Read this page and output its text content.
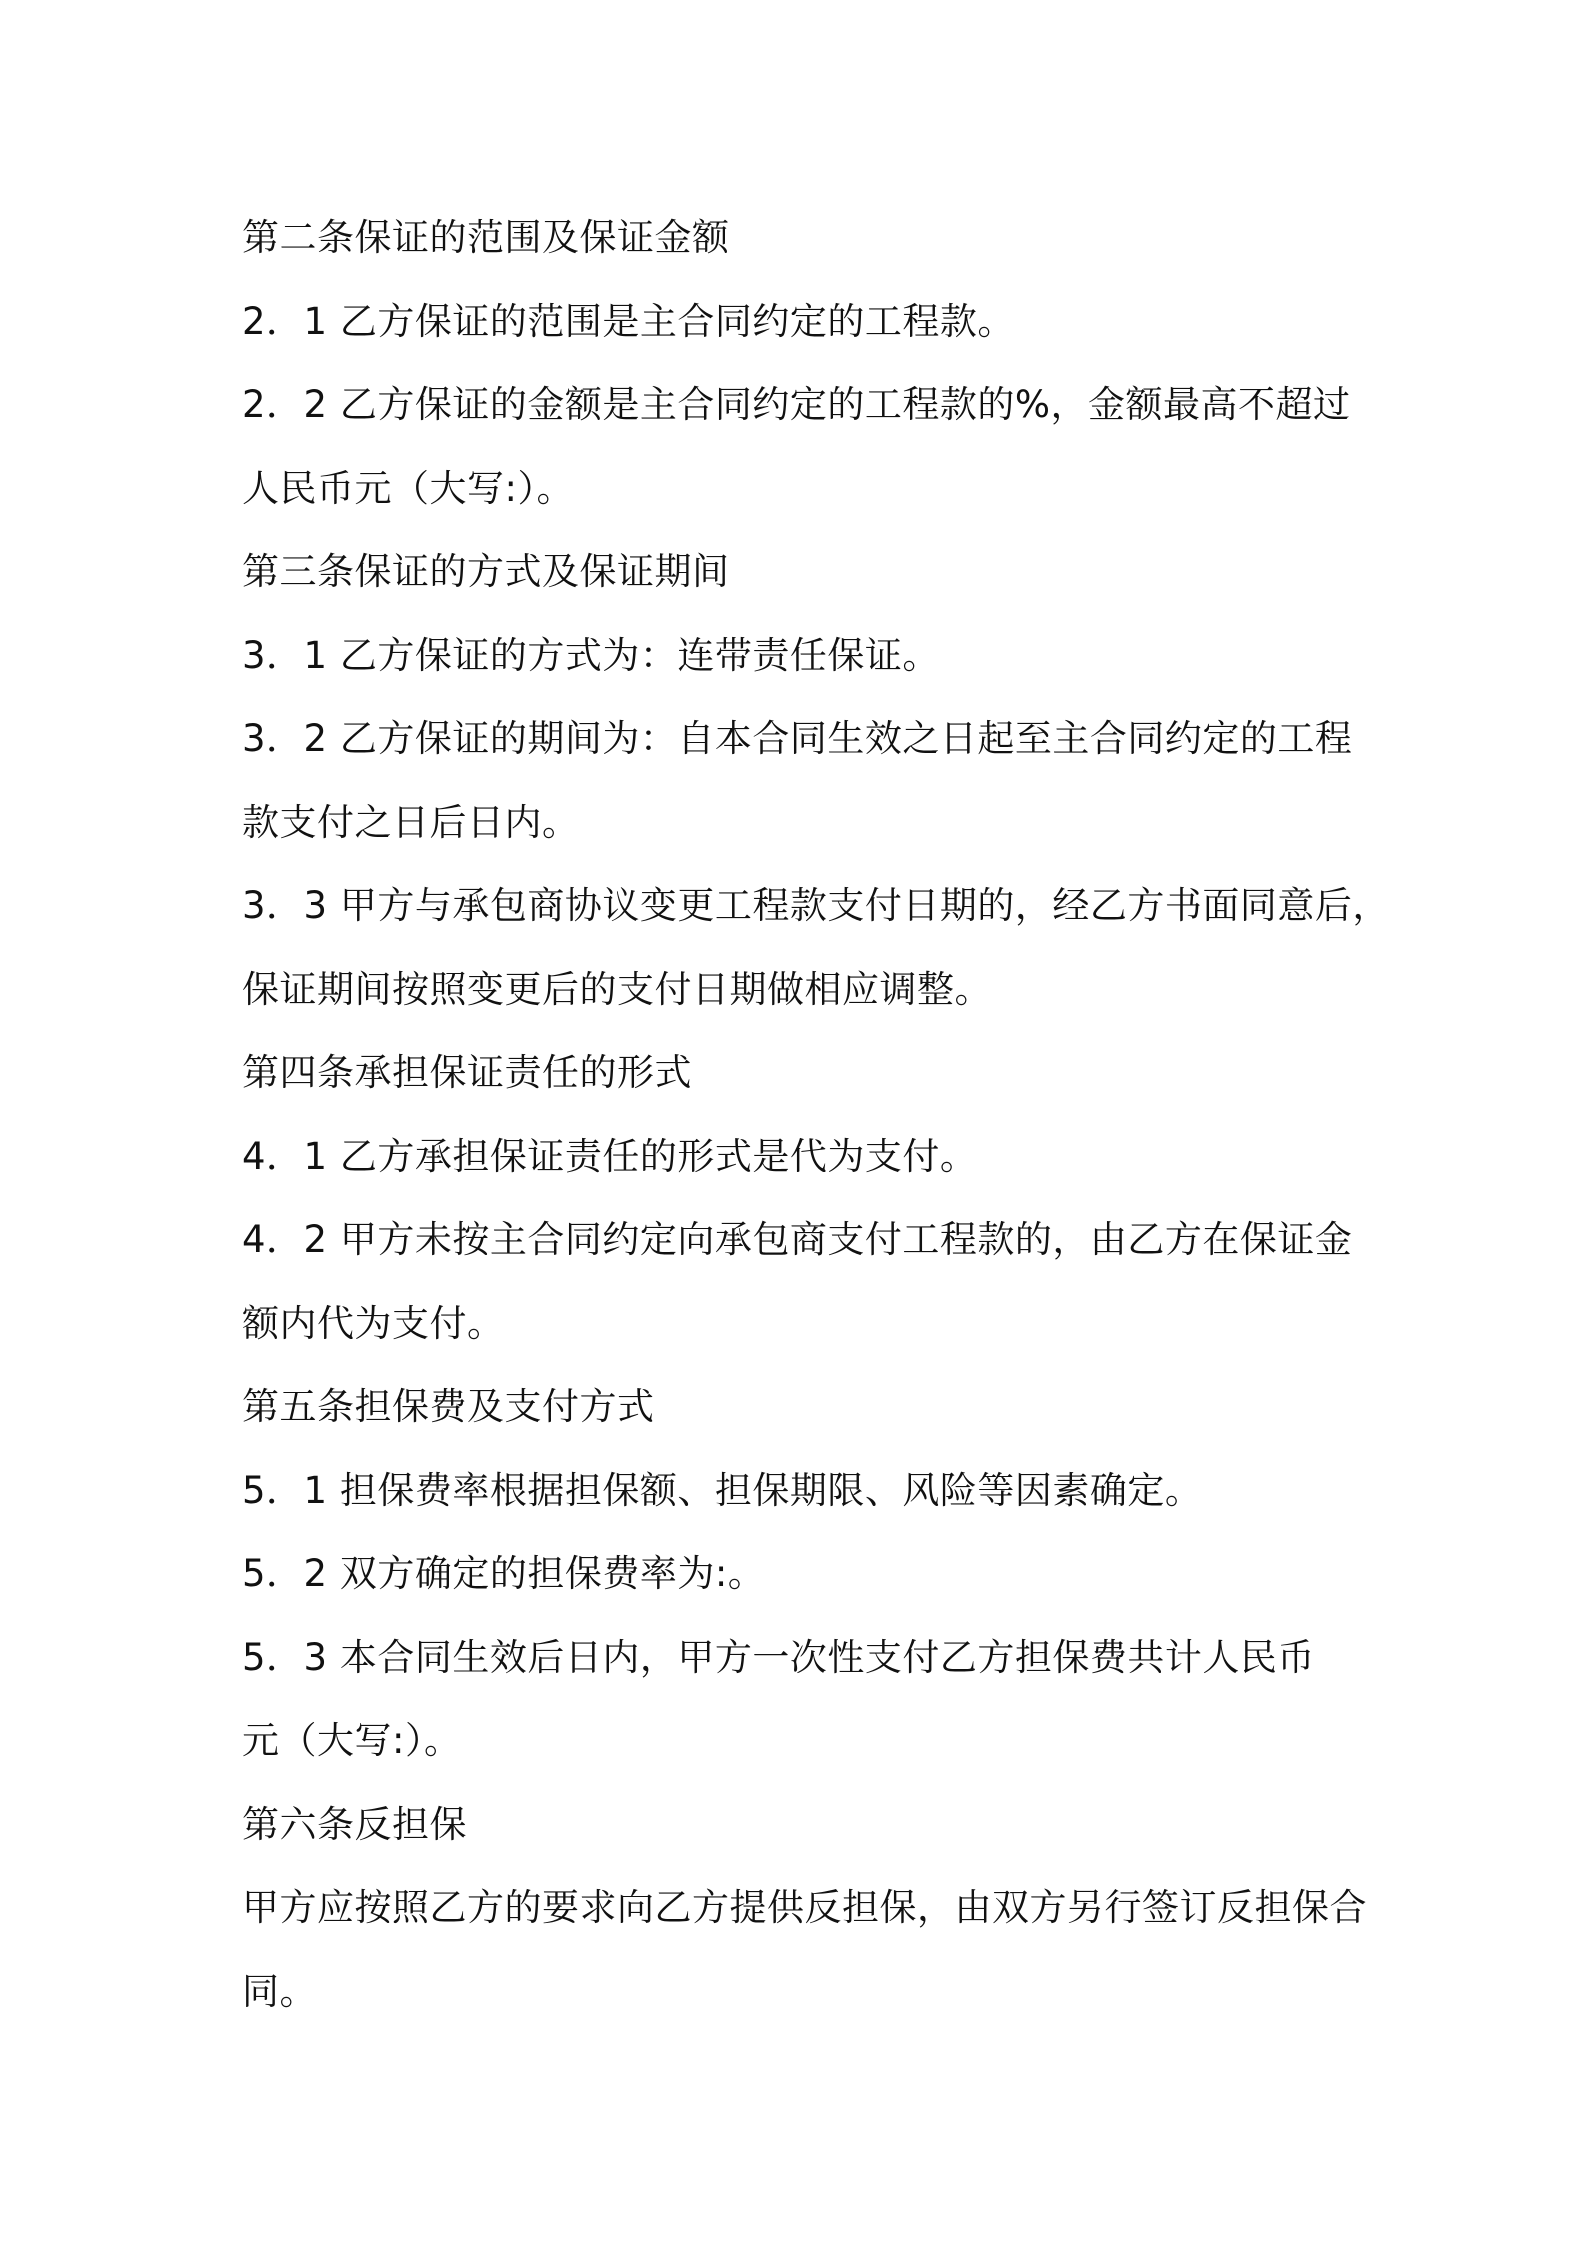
第二条保证的范围及保证金额
2．1 乙方保证的范围是主合同约定的工程款。
2．2 乙方保证的金额是主合同约定的工程款的%，金额最高不超过
人民币元（大写:）。
第三条保证的方式及保证期间
3．1 乙方保证的方式为：连带责任保证。
3．2 乙方保证的期间为：自本合同生效之日起至主合同约定的工程
款支付之日后日内。
3．3 甲方与承包商协议变更工程款支付日期的，经乙方书面同意后，
保证期间按照变更后的支付日期做相应调整。
第四条承担保证责任的形式
4．1 乙方承担保证责任的形式是代为支付。
4．2 甲方未按主合同约定向承包商支付工程款的，由乙方在保证金
额内代为支付。
第五条担保费及支付方式
5．1 担保费率根据担保额、担保期限、风险等因素确定。
5．2 双方确定的担保费率为:。
5．3 本合同生效后日内，甲方一次性支付乙方担保费共计人民币
元（大写:）。
第六条反担保
甲方应按照乙方的要求向乙方提供反担保，由双方另行签订反担保合
同。
